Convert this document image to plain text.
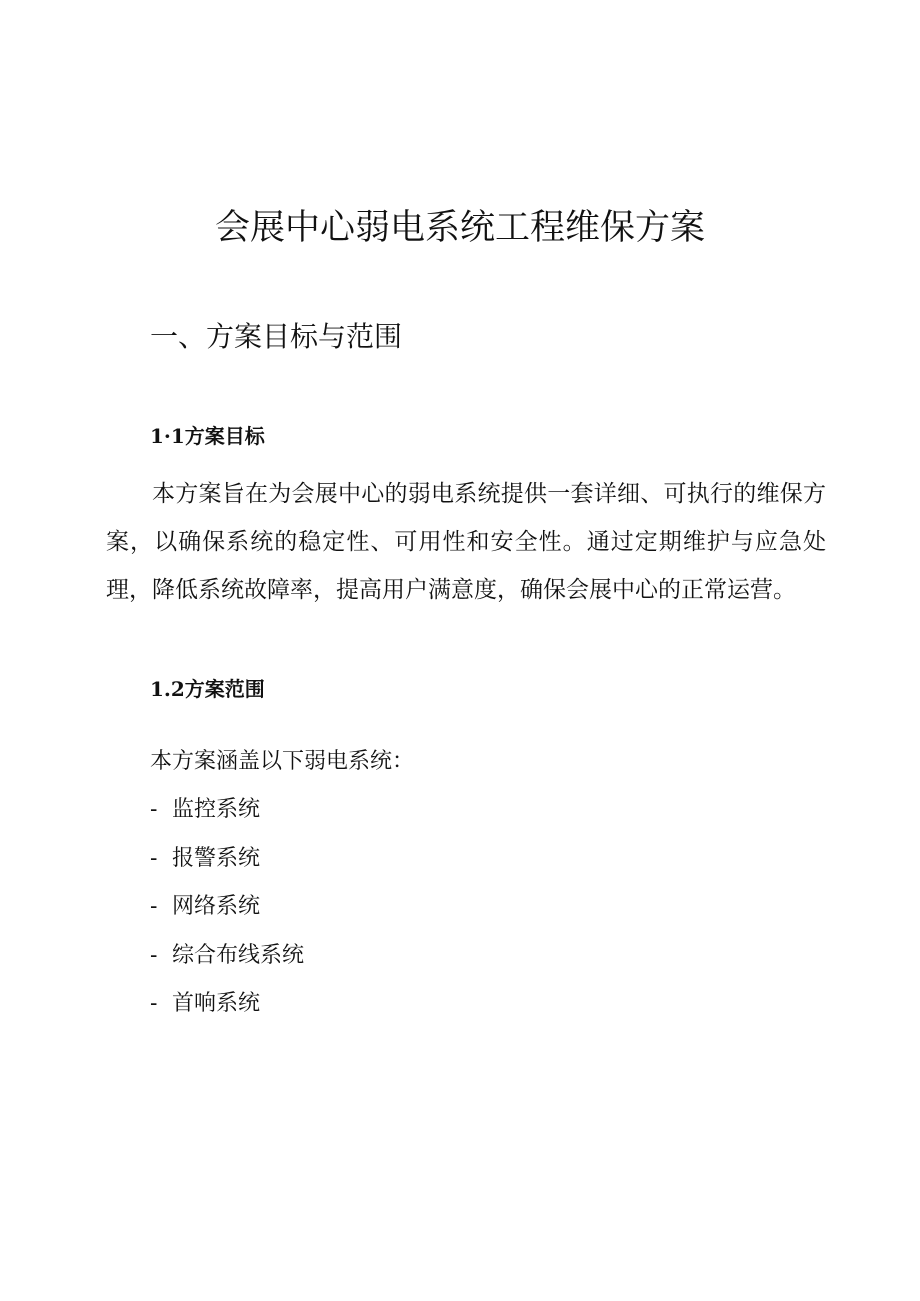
会展中心弱电系统工程维保方案
一、方案目标与范围
1·1方案目标

本方案旨在为会展中心的弱电系统提供一套详细、可执行的维保方案，以确保系统的稳定性、可用性和安全性。通过定期维护与应急处理，降低系统故障率，提高用户满意度，确保会展中心的正常运营。

1.2方案范围

本方案涵盖以下弱电系统：

- 监控系统
- 报警系统
- 网络系统
- 综合布线系统
- 首响系统
